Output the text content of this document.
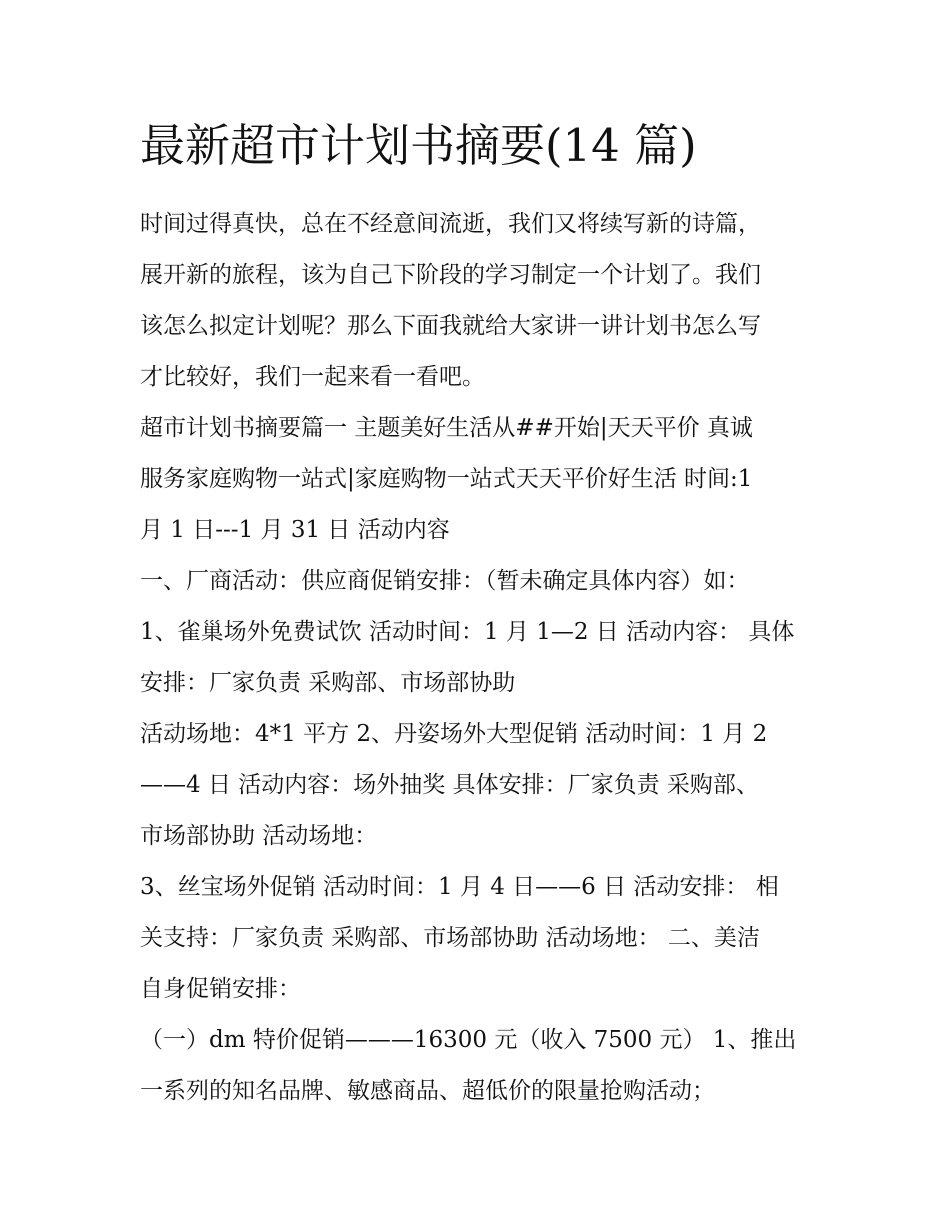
最新超市计划书摘要(14 篇)
时间过得真快，总在不经意间流逝，我们又将续写新的诗篇，
展开新的旅程，该为自己下阶段的学习制定一个计划了。我们
该怎么拟定计划呢？那么下面我就给大家讲一讲计划书怎么写
才比较好，我们一起来看一看吧。
超市计划书摘要篇一 主题美好生活从##开始|天天平价 真诚
服务家庭购物一站式|家庭购物一站式天天平价好生活 时间:1
月 1 日---1 月 31 日 活动内容
一、厂商活动：供应商促销安排：（暂未确定具体内容）如：
1、雀巢场外免费试饮 活动时间：1 月 1—2 日 活动内容： 具体
安排：厂家负责 采购部、市场部协助
活动场地：4*1 平方 2、丹姿场外大型促销 活动时间：1 月 2
——4 日 活动内容：场外抽奖 具体安排：厂家负责 采购部、
市场部协助 活动场地：
3、丝宝场外促销 活动时间：1 月 4 日——6 日 活动安排： 相
关支持：厂家负责 采购部、市场部协助 活动场地： 二、美洁
自身促销安排：
（一）dm 特价促销———16300 元（收入 7500 元） 1、推出
一系列的知名品牌、敏感商品、超低价的限量抢购活动；
